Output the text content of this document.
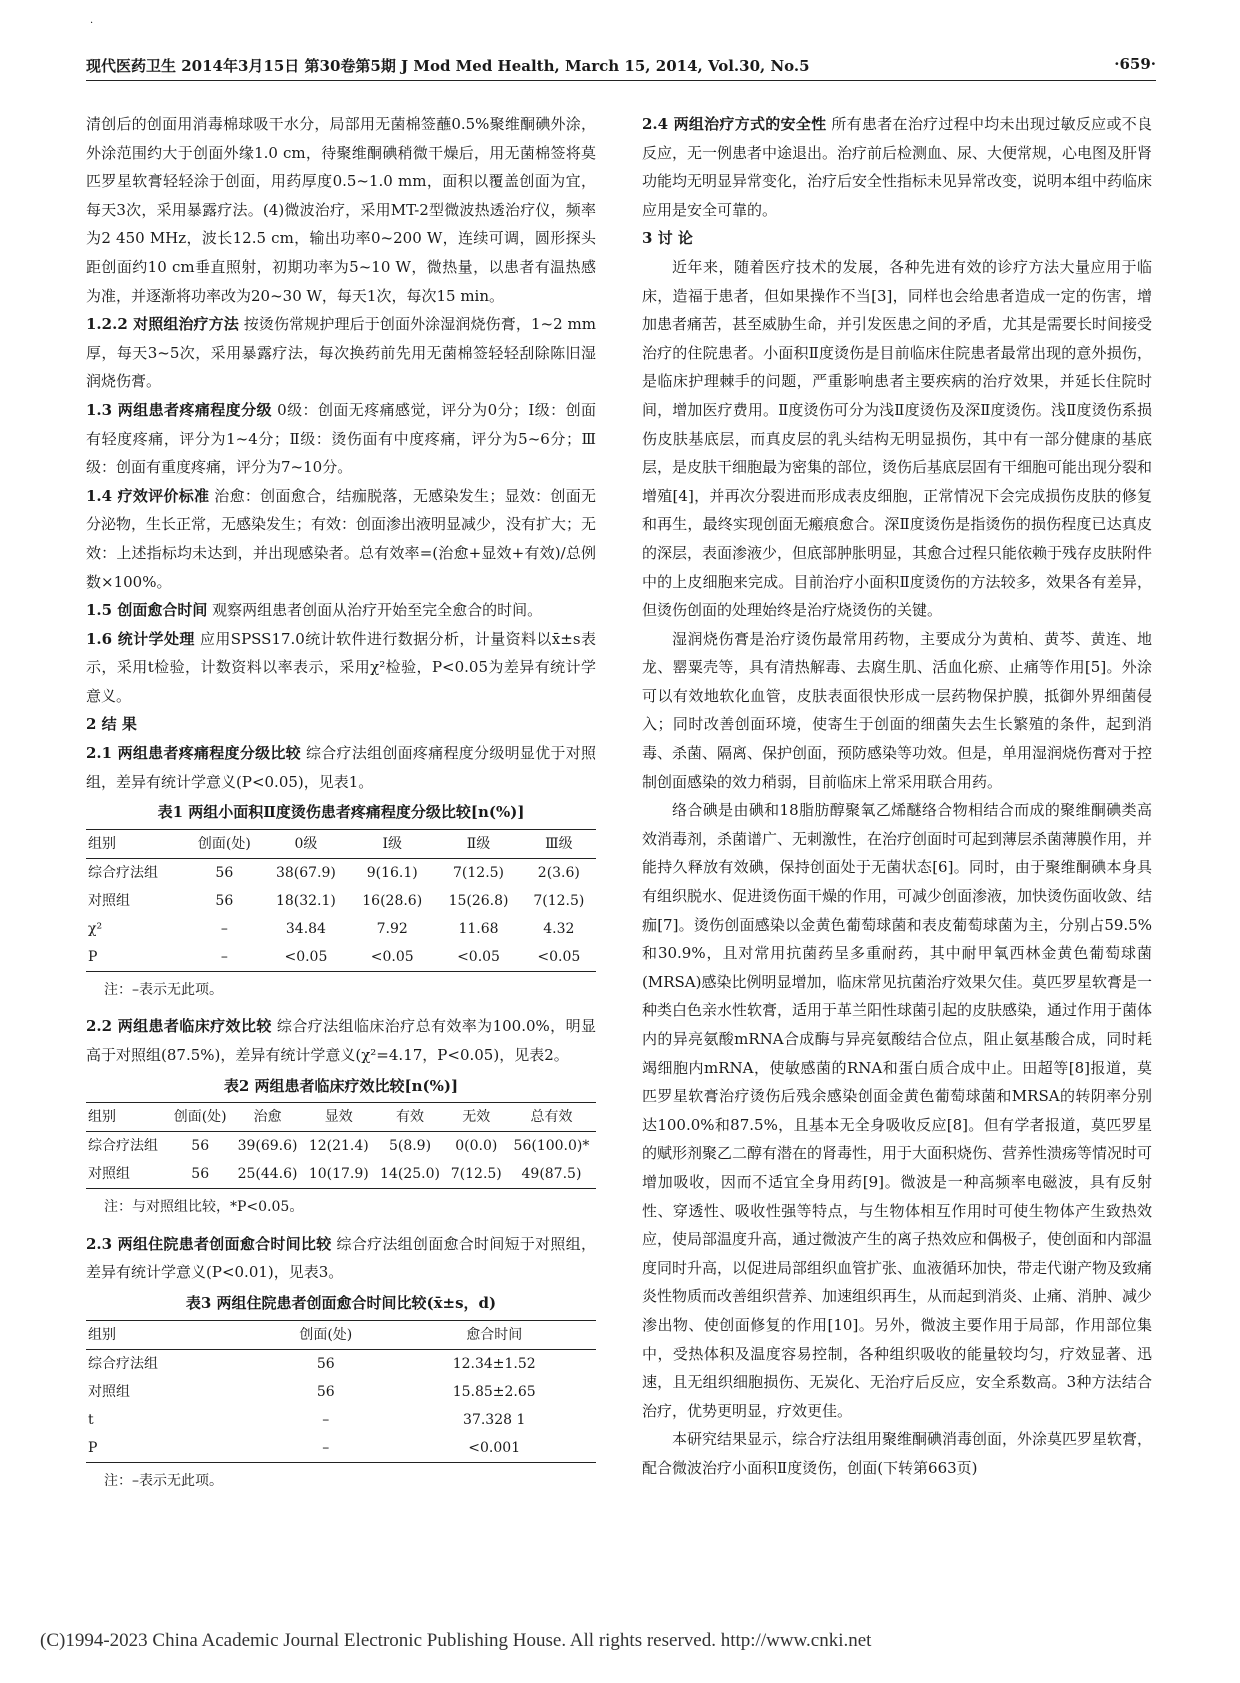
·
现代医药卫生 2014年3月15日 第30卷第5期 J Mod Med Health, March 15, 2014, Vol.30, No.5	·659·

清创后的创面用消毒棉球吸干水分，局部用无菌棉签蘸0.5%聚维酮碘外涂，外涂范围约大于创面外缘1.0 cm，待聚维酮碘稍微干燥后，用无菌棉签将莫匹罗星软膏轻轻涂于创面，用药厚度0.5~1.0 mm，面积以覆盖创面为宜，每天3次，采用暴露疗法。(4)微波治疗，采用MT-2型微波热透治疗仪，频率为2 450 MHz，波长12.5 cm，输出功率0~200 W，连续可调，圆形探头距创面约10 cm垂直照射，初期功率为5~10 W，微热量，以患者有温热感为准，并逐渐将功率改为20~30 W，每天1次，每次15 min。

1.2.2 对照组治疗方法 按烫伤常规护理后于创面外涂湿润烧伤膏，1~2 mm厚，每天3~5次，采用暴露疗法，每次换药前先用无菌棉签轻轻刮除陈旧湿润烧伤膏。

1.3 两组患者疼痛程度分级 0级：创面无疼痛感觉，评分为0分；Ⅰ级：创面有轻度疼痛，评分为1~4分；Ⅱ级：烫伤面有中度疼痛，评分为5~6分；Ⅲ级：创面有重度疼痛，评分为7~10分。

1.4 疗效评价标准 治愈：创面愈合，结痂脱落，无感染发生；显效：创面无分泌物，生长正常，无感染发生；有效：创面渗出液明显减少，没有扩大；无效：上述指标均未达到，并出现感染者。总有效率=(治愈+显效+有效)/总例数×100%。

1.5 创面愈合时间 观察两组患者创面从治疗开始至完全愈合的时间。

1.6 统计学处理 应用SPSS17.0统计软件进行数据分析，计量资料以x̄±s表示，采用t检验，计数资料以率表示，采用χ²检验，P<0.05为差异有统计学意义。

2 结 果

2.1 两组患者疼痛程度分级比较 综合疗法组创面疼痛程度分级明显优于对照组，差异有统计学意义(P<0.05)，见表1。

表1 两组小面积Ⅱ度烫伤患者疼痛程度分级比较[n(%)]

组别	创面(处)	0级	Ⅰ级	Ⅱ级	Ⅲ级
综合疗法组	56	38(67.9)	9(16.1)	7(12.5)	2(3.6)
对照组	56	18(32.1)	16(28.6)	15(26.8)	7(12.5)
χ²	–	34.84	7.92	11.68	4.32
P	–	<0.05	<0.05	<0.05	<0.05

注：–表示无此项。

2.2 两组患者临床疗效比较 综合疗法组临床治疗总有效率为100.0%，明显高于对照组(87.5%)，差异有统计学意义(χ²=4.17，P<0.05)，见表2。

表2 两组患者临床疗效比较[n(%)]

组别	创面(处)	治愈	显效	有效	无效	总有效
综合疗法组	56	39(69.6)	12(21.4)	5(8.9)	0(0.0)	56(100.0)*
对照组	56	25(44.6)	10(17.9)	14(25.0)	7(12.5)	49(87.5)

注：与对照组比较，*P<0.05。

2.3 两组住院患者创面愈合时间比较 综合疗法组创面愈合时间短于对照组，差异有统计学意义(P<0.01)，见表3。

表3 两组住院患者创面愈合时间比较(x̄±s，d)

组别	创面(处)	愈合时间
综合疗法组	56	12.34±1.52
对照组	56	15.85±2.65
t	–	37.328 1
P	–	<0.001

注：–表示无此项。

2.4 两组治疗方式的安全性 所有患者在治疗过程中均未出现过敏反应或不良反应，无一例患者中途退出。治疗前后检测血、尿、大便常规，心电图及肝肾功能均无明显异常变化，治疗后安全性指标未见异常改变，说明本组中药临床应用是安全可靠的。

3 讨 论

近年来，随着医疗技术的发展，各种先进有效的诊疗方法大量应用于临床，造福于患者，但如果操作不当[3]，同样也会给患者造成一定的伤害，增加患者痛苦，甚至威胁生命，并引发医患之间的矛盾，尤其是需要长时间接受治疗的住院患者。小面积Ⅱ度烫伤是目前临床住院患者最常出现的意外损伤，是临床护理棘手的问题，严重影响患者主要疾病的治疗效果，并延长住院时间，增加医疗费用。Ⅱ度烫伤可分为浅Ⅱ度烫伤及深Ⅱ度烫伤。浅Ⅱ度烫伤系损伤皮肤基底层，而真皮层的乳头结构无明显损伤，其中有一部分健康的基底层，是皮肤干细胞最为密集的部位，烫伤后基底层固有干细胞可能出现分裂和增殖[4]，并再次分裂进而形成表皮细胞，正常情况下会完成损伤皮肤的修复和再生，最终实现创面无瘢痕愈合。深Ⅱ度烫伤是指烫伤的损伤程度已达真皮的深层，表面渗液少，但底部肿胀明显，其愈合过程只能依赖于残存皮肤附件中的上皮细胞来完成。目前治疗小面积Ⅱ度烫伤的方法较多，效果各有差异，但烫伤创面的处理始终是治疗烧烫伤的关键。

湿润烧伤膏是治疗烫伤最常用药物，主要成分为黄柏、黄芩、黄连、地龙、罂粟壳等，具有清热解毒、去腐生肌、活血化瘀、止痛等作用[5]。外涂可以有效地软化血管，皮肤表面很快形成一层药物保护膜，抵御外界细菌侵入；同时改善创面环境，使寄生于创面的细菌失去生长繁殖的条件，起到消毒、杀菌、隔离、保护创面，预防感染等功效。但是，单用湿润烧伤膏对于控制创面感染的效力稍弱，目前临床上常采用联合用药。

络合碘是由碘和18脂肪醇聚氧乙烯醚络合物相结合而成的聚维酮碘类高效消毒剂，杀菌谱广、无刺激性，在治疗创面时可起到薄层杀菌薄膜作用，并能持久释放有效碘，保持创面处于无菌状态[6]。同时，由于聚维酮碘本身具有组织脱水、促进烫伤面干燥的作用，可减少创面渗液，加快烫伤面收敛、结痂[7]。烫伤创面感染以金黄色葡萄球菌和表皮葡萄球菌为主，分别占59.5%和30.9%，且对常用抗菌药呈多重耐药，其中耐甲氧西林金黄色葡萄球菌(MRSA)感染比例明显增加，临床常见抗菌治疗效果欠佳。莫匹罗星软膏是一种类白色亲水性软膏，适用于革兰阳性球菌引起的皮肤感染，通过作用于菌体内的异亮氨酸mRNA合成酶与异亮氨酸结合位点，阻止氨基酸合成，同时耗竭细胞内mRNA，使敏感菌的RNA和蛋白质合成中止。田超等[8]报道，莫匹罗星软膏治疗烫伤后残余感染创面金黄色葡萄球菌和MRSA的转阴率分别达100.0%和87.5%，且基本无全身吸收反应[8]。但有学者报道，莫匹罗星的赋形剂聚乙二醇有潜在的肾毒性，用于大面积烧伤、营养性溃疡等情况时可增加吸收，因而不适宜全身用药[9]。微波是一种高频率电磁波，具有反射性、穿透性、吸收性强等特点，与生物体相互作用时可使生物体产生致热效应，使局部温度升高，通过微波产生的离子热效应和偶极子，使创面和内部温度同时升高，以促进局部组织血管扩张、血液循环加快，带走代谢产物及致痛炎性物质而改善组织营养、加速组织再生，从而起到消炎、止痛、消肿、减少渗出物、使创面修复的作用[10]。另外，微波主要作用于局部，作用部位集中，受热体积及温度容易控制，各种组织吸收的能量较均匀，疗效显著、迅速，且无组织细胞损伤、无炭化、无治疗后反应，安全系数高。3种方法结合治疗，优势更明显，疗效更佳。

本研究结果显示，综合疗法组用聚维酮碘消毒创面，外涂莫匹罗星软膏，配合微波治疗小面积Ⅱ度烫伤，创面(下转第663页)

(C)1994-2023 China Academic Journal Electronic Publishing House. All rights reserved. http://www.cnki.net
